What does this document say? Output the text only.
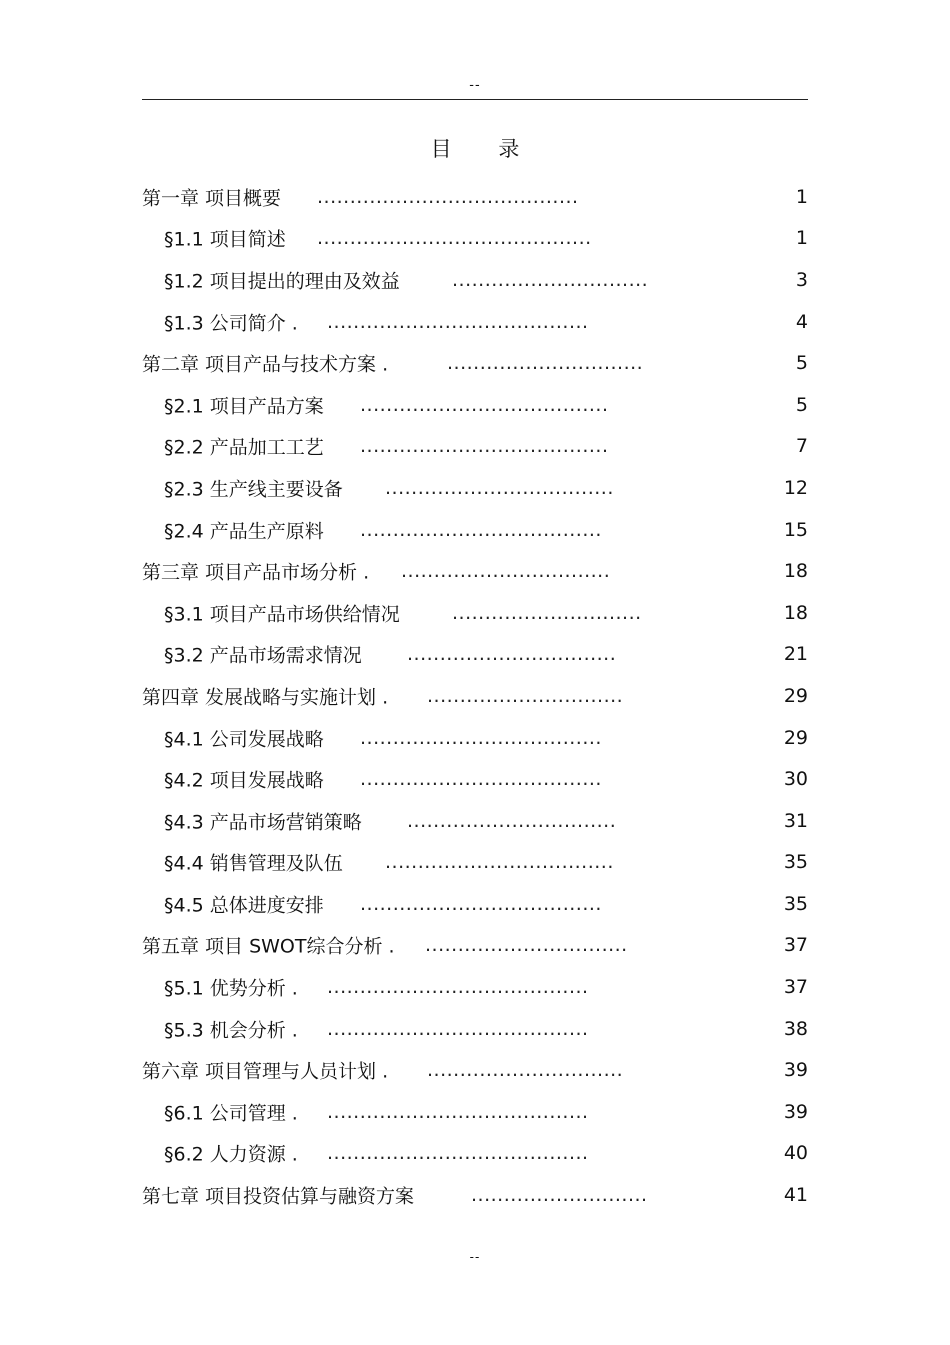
--
目 录
第一章 项目概要 ........................................	1
§1.1 项目简述 ..........................................	1
§1.2 项目提出的理由及效益	..............................	3
§1.3 公司简介 . ........................................	4
第二章 项目产品与技术方案 .	..............................	5
§2.1 项目产品方案 ......................................	5
§2.2 产品加工工艺 ......................................	7
§2.3 生产线主要设备 ...................................	12
§2.4 产品生产原料 .....................................	15
第三章 项目产品市场分析 . ................................	18
§3.1 项目产品市场供给情况	.............................	18
§3.2 产品市场需求情况 ................................	21
第四章 发展战略与实施计划 . ..............................	29
§4.1 公司发展战略 .....................................	29
§4.2 项目发展战略 .....................................	30
§4.3 产品市场营销策略 ................................	31
§4.4 销售管理及队伍 ...................................	35
§4.5 总体进度安排 .....................................	35
第五章 项目 SWOT综合分析 . ...............................	37
§5.1 优势分析 . ........................................	37
§5.3 机会分析 . ........................................	38
第六章 项目管理与人员计划 . ..............................	39
§6.1 公司管理 . ........................................	39
§6.2 人力资源 . ........................................	40
第七章 项目投资估算与融资方案	...........................	41
--
